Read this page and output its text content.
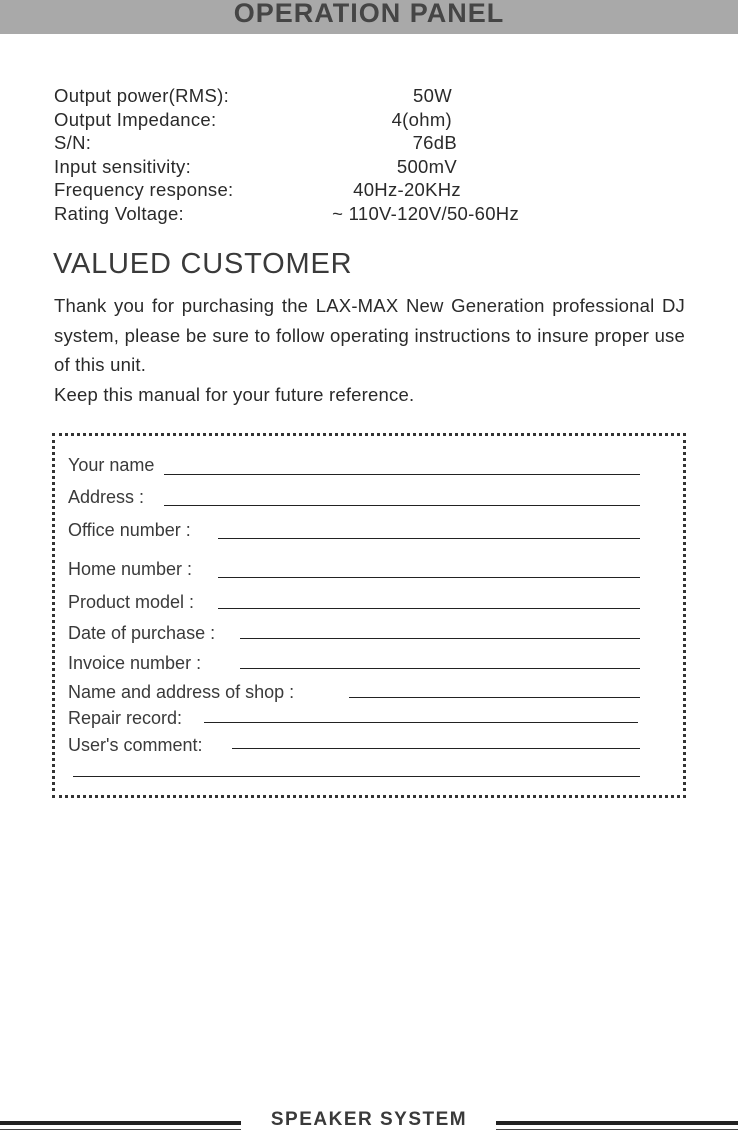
OPERATION PANEL
Output power(RMS):	50W
Output Impedance:	4(ohm)
S/N:	76dB
Input sensitivity:	500mV
Frequency response:	40Hz-20KHz
Rating Voltage:	~ 110V-120V/50-60Hz
VALUED CUSTOMER

Thank you for purchasing the LAX-MAX New Generation professional DJ system, please be sure to follow operating instructions to insure proper use of this unit.

Keep this manual for your future reference.

Your name
Address :
Office number :
Home number :
Product model :
Date of purchase :
Invoice number :
Name and address of shop :
Repair record:
User's comment:
SPEAKER SYSTEM
